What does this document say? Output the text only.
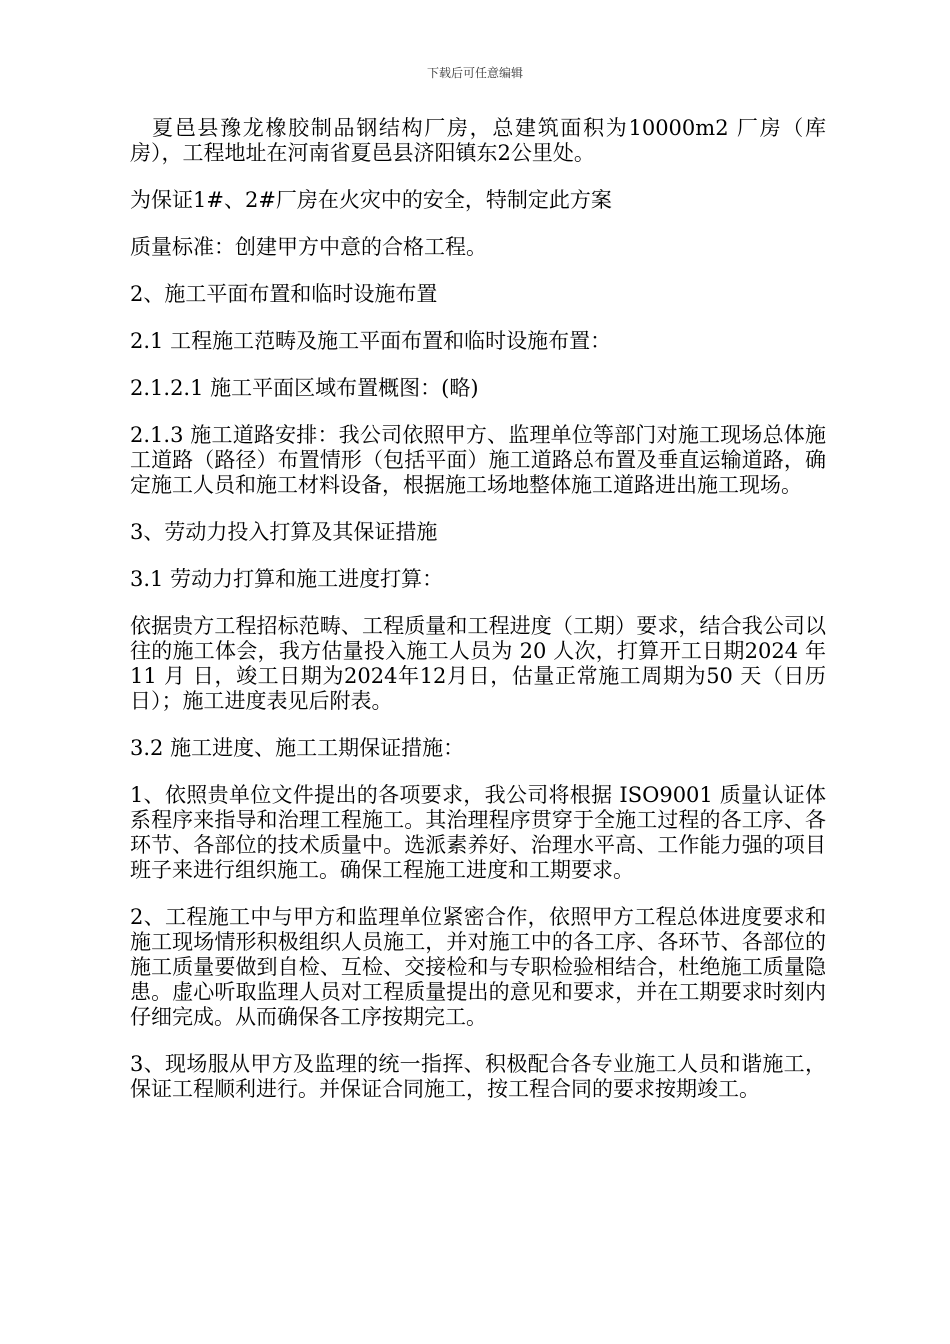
下载后可任意编辑

夏邑县豫龙橡胶制品钢结构厂房，总建筑面积为10000m2 厂房（库房），工程地址在河南省夏邑县济阳镇东2公里处。

为保证1#、2#厂房在火灾中的安全，特制定此方案

质量标准：创建甲方中意的合格工程。

2、施工平面布置和临时设施布置

2.1 工程施工范畴及施工平面布置和临时设施布置：

2.1.2.1 施工平面区域布置概图：(略)

2.1.3 施工道路安排：我公司依照甲方、监理单位等部门对施工现场总体施工道路（路径）布置情形（包括平面）施工道路总布置及垂直运输道路，确定施工人员和施工材料设备，根据施工场地整体施工道路进出施工现场。

3、劳动力投入打算及其保证措施

3.1 劳动力打算和施工进度打算：

依据贵方工程招标范畴、工程质量和工程进度（工期）要求，结合我公司以往的施工体会，我方估量投入施工人员为 20 人次，打算开工日期2024 年11 月 日，竣工日期为2024年12月日，估量正常施工周期为50 天（日历日）；施工进度表见后附表。

3.2 施工进度、施工工期保证措施：

1、依照贵单位文件提出的各项要求，我公司将根据 ISO9001 质量认证体系程序来指导和治理工程施工。其治理程序贯穿于全施工过程的各工序、各环节、各部位的技术质量中。选派素养好、治理水平高、工作能力强的项目班子来进行组织施工。确保工程施工进度和工期要求。

2、工程施工中与甲方和监理单位紧密合作，依照甲方工程总体进度要求和施工现场情形积极组织人员施工，并对施工中的各工序、各环节、各部位的施工质量要做到自检、互检、交接检和与专职检验相结合，杜绝施工质量隐患。虚心听取监理人员对工程质量提出的意见和要求，并在工期要求时刻内仔细完成。从而确保各工序按期完工。

3、现场服从甲方及监理的统一指挥、积极配合各专业施工人员和谐施工，保证工程顺利进行。并保证合同施工，按工程合同的要求按期竣工。
